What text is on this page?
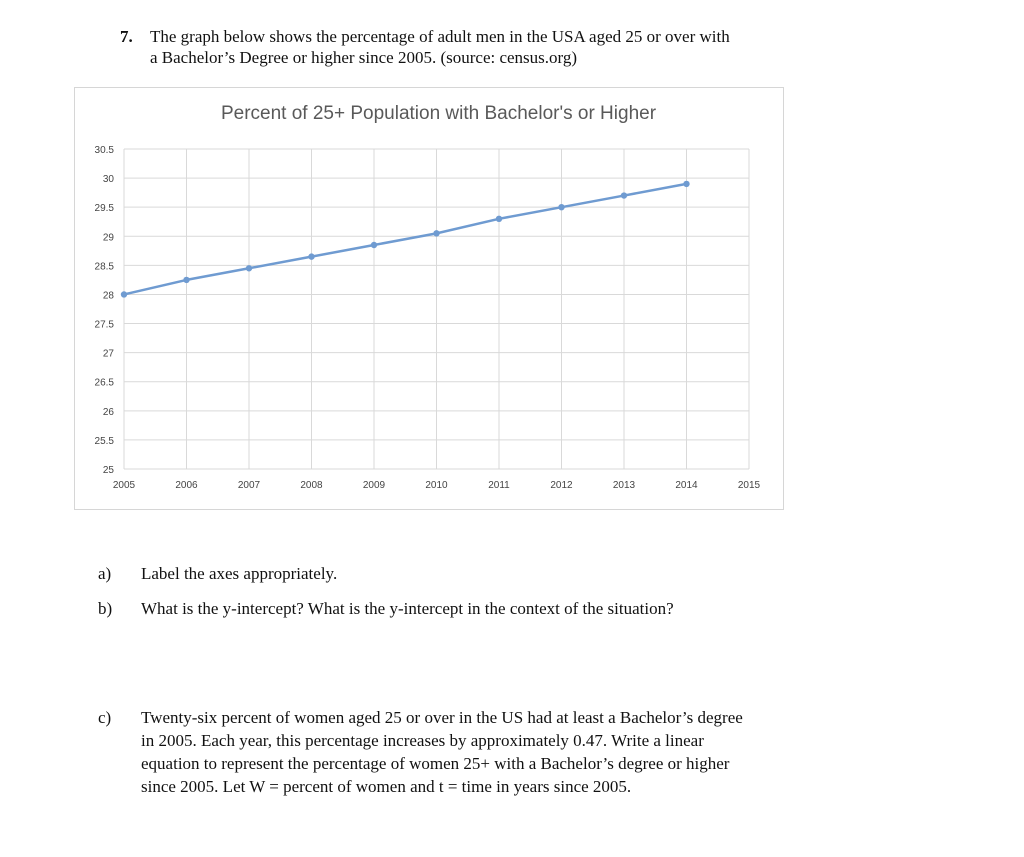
7. The graph below shows the percentage of adult men in the USA aged 25 or over with
a Bachelor’s Degree or higher since 2005. (source: census.org)
Percent of 25+ Population with Bachelor's or Higher
25
25.5
26
26.5
27
27.5
28
28.5
29
29.5
30
30.5
2005	2006	2007	2008	2009	2010	2011	2012	2013	2014	2015
a) Label the axes appropriately.
b) What is the y-intercept? What is the y-intercept in the context of the situation?
c) Twenty-six percent of women aged 25 or over in the US had at least a Bachelor’s degree
in 2005. Each year, this percentage increases by approximately 0.47. Write a linear
equation to represent the percentage of women 25+ with a Bachelor’s degree or higher
since 2005. Let W = percent of women and t = time in years since 2005.
